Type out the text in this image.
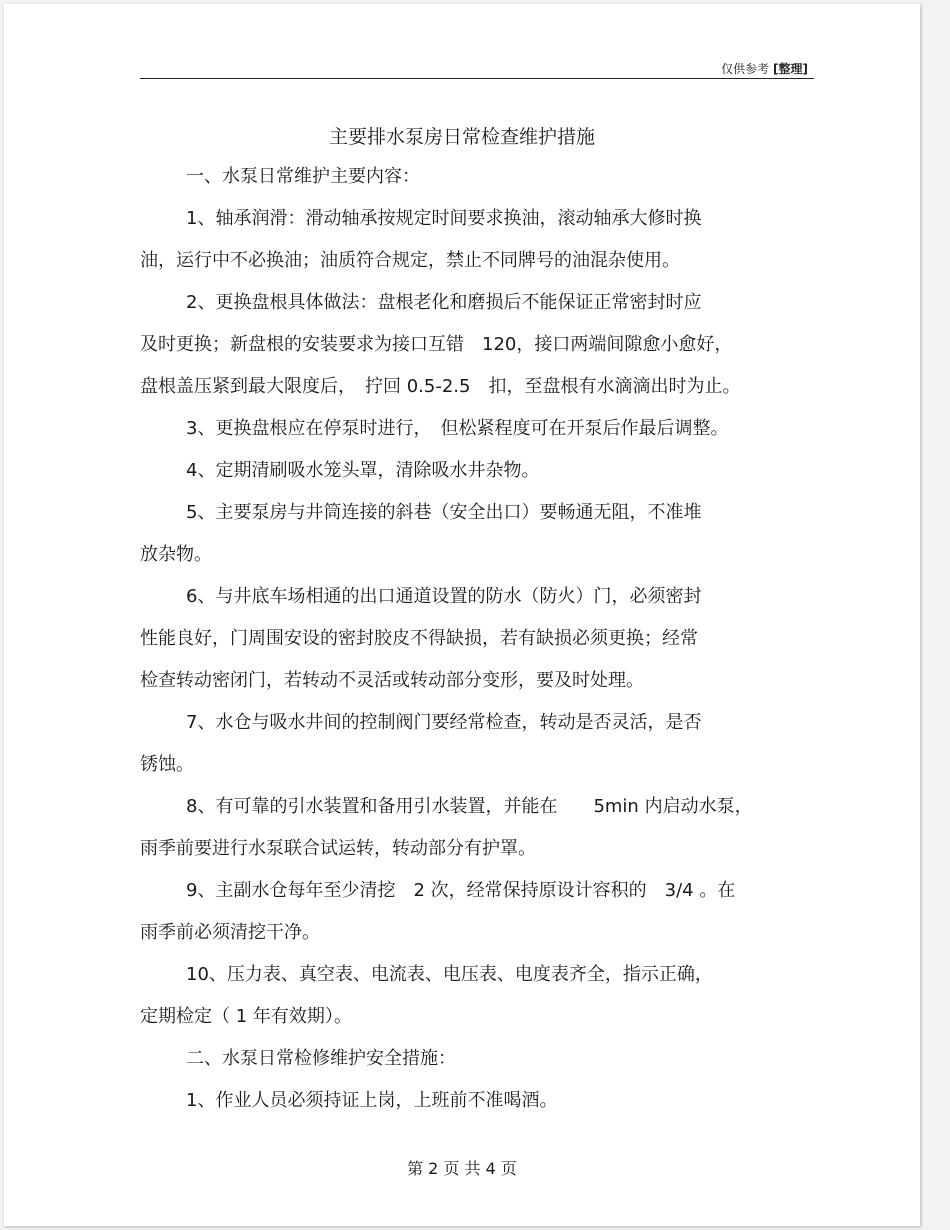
仅供参考 [整理]
主要排水泵房日常检查维护措施
一、水泵日常维护主要内容：
1、轴承润滑：滑动轴承按规定时间要求换油，滚动轴承大修时换
油，运行中不必换油；油质符合规定，禁止不同牌号的油混杂使用。
2、更换盘根具体做法：盘根老化和磨损后不能保证正常密封时应
及时更换；新盘根的安装要求为接口互错　120，接口两端间隙愈小愈好，
盘根盖压紧到最大限度后，　拧回 0.5-2.5　扣，至盘根有水滴滴出时为止。
3、更换盘根应在停泵时进行，　但松紧程度可在开泵后作最后调整。
4、定期清刷吸水笼头罩，清除吸水井杂物。
5、主要泵房与井筒连接的斜巷（安全出口）要畅通无阻，不准堆
放杂物。
6、与井底车场相通的出口通道设置的防水（防火）门，必须密封
性能良好，门周围安设的密封胶皮不得缺损，若有缺损必须更换；经常
检查转动密闭门，若转动不灵活或转动部分变形，要及时处理。
7、水仓与吸水井间的控制阀门要经常检查，转动是否灵活，是否
锈蚀。
8、有可靠的引水装置和备用引水装置，并能在　　5min 内启动水泵，
雨季前要进行水泵联合试运转，转动部分有护罩。
9、主副水仓每年至少清挖　2 次，经常保持原设计容积的　3/4 。在
雨季前必须清挖干净。
10、压力表、真空表、电流表、电压表、电度表齐全，指示正确，
定期检定（ 1 年有效期）。
二、水泵日常检修维护安全措施：
1、作业人员必须持证上岗，上班前不准喝酒。
第 2 页 共 4 页
